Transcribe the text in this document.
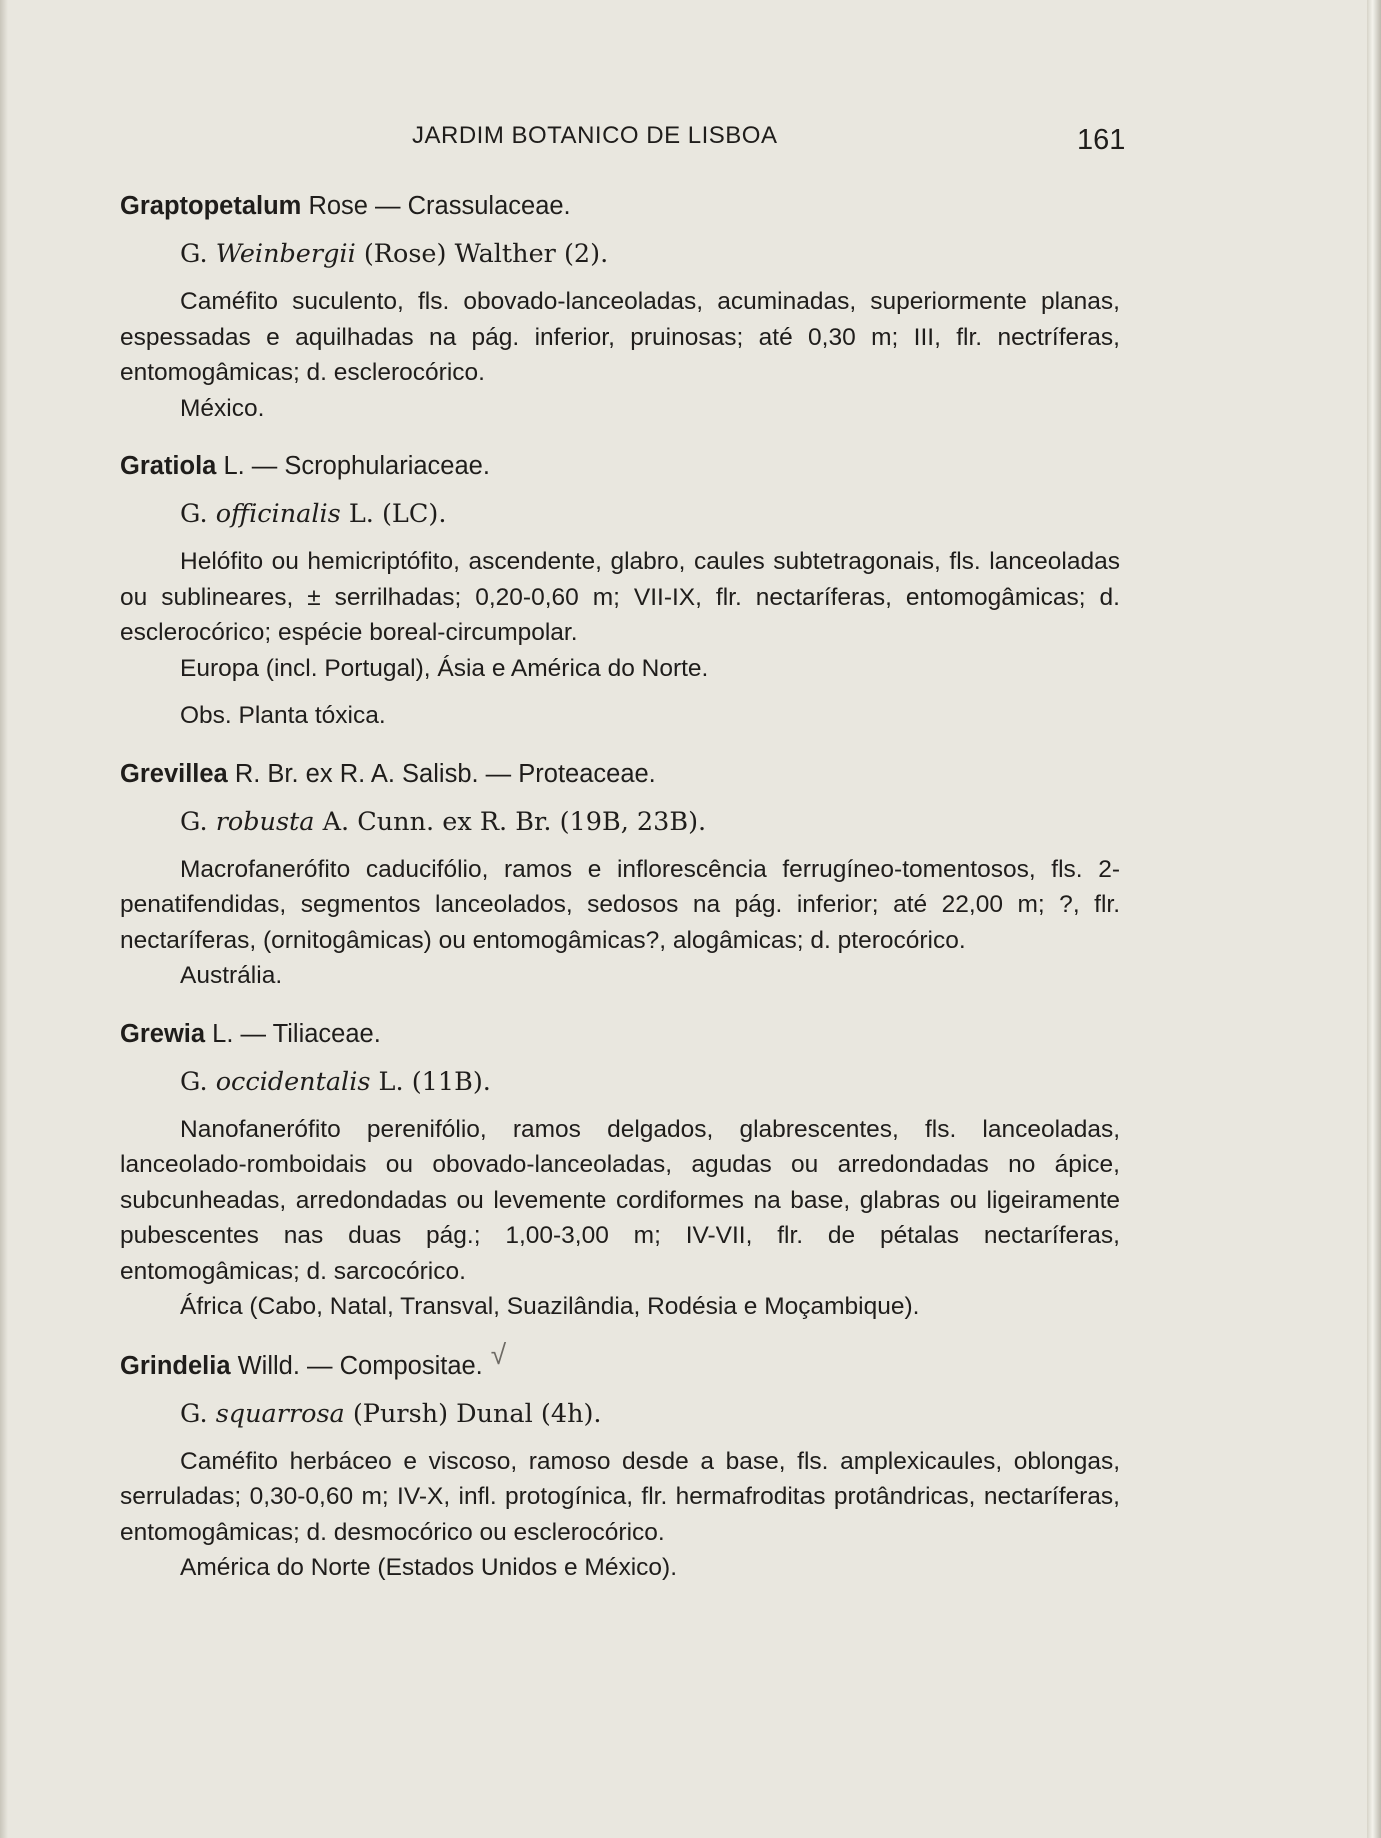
JARDIM BOTANICO DE LISBOA	161

Graptopetalum Rose — Crassulaceae.

G. Weinbergii (Rose) Walther (2).

Caméfito suculento, fls. obovado-lanceoladas, acuminadas, superiormente planas, espessadas e aquilhadas na pág. inferior, pruinosas; até 0,30 m; III, flr. nectríferas, entomogâmicas; d. esclerocórico.

México.

Gratiola L. — Scrophulariaceae.

G. officinalis L. (LC).

Helófito ou hemicriptófito, ascendente, glabro, caules subtetragonais, fls. lanceoladas ou sublineares, ± serrilhadas; 0,20-0,60 m; VII-IX, flr. nectaríferas, entomogâmicas; d. esclerocórico; espécie boreal-circumpolar.

Europa (incl. Portugal), Ásia e América do Norte.

Obs. Planta tóxica.

Grevillea R. Br. ex R. A. Salisb. — Proteaceae.

G. robusta A. Cunn. ex R. Br. (19B, 23B).

Macrofanerófito caducifólio, ramos e inflorescência ferrugíneo-tomentosos, fls. 2-penatifendidas, segmentos lanceolados, sedosos na pág. inferior; até 22,00 m; ?, flr. nectaríferas, (ornitogâmicas) ou entomogâmicas?, alogâmicas; d. pterocórico.

Austrália.

Grewia L. — Tiliaceae.

G. occidentalis L. (11B).

Nanofanerófito perenifólio, ramos delgados, glabrescentes, fls. lanceoladas, lanceolado-romboidais ou obovado-lanceoladas, agudas ou arredondadas no ápice, subcunheadas, arredondadas ou levemente cordiformes na base, glabras ou ligeiramente pubescentes nas duas pág.; 1,00-3,00 m; IV-VII, flr. de pétalas nectaríferas, entomogâmicas; d. sarcocórico.

África (Cabo, Natal, Transval, Suazilândia, Rodésia e Moçambique).

Grindelia Willd. — Compositae. √

G. squarrosa (Pursh) Dunal (4h).

Caméfito herbáceo e viscoso, ramoso desde a base, fls. amplexicaules, oblongas, serruladas; 0,30-0,60 m; IV-X, infl. protogínica, flr. hermafroditas protândricas, nectaríferas, entomogâmicas; d. desmocórico ou esclerocórico.

América do Norte (Estados Unidos e México).
